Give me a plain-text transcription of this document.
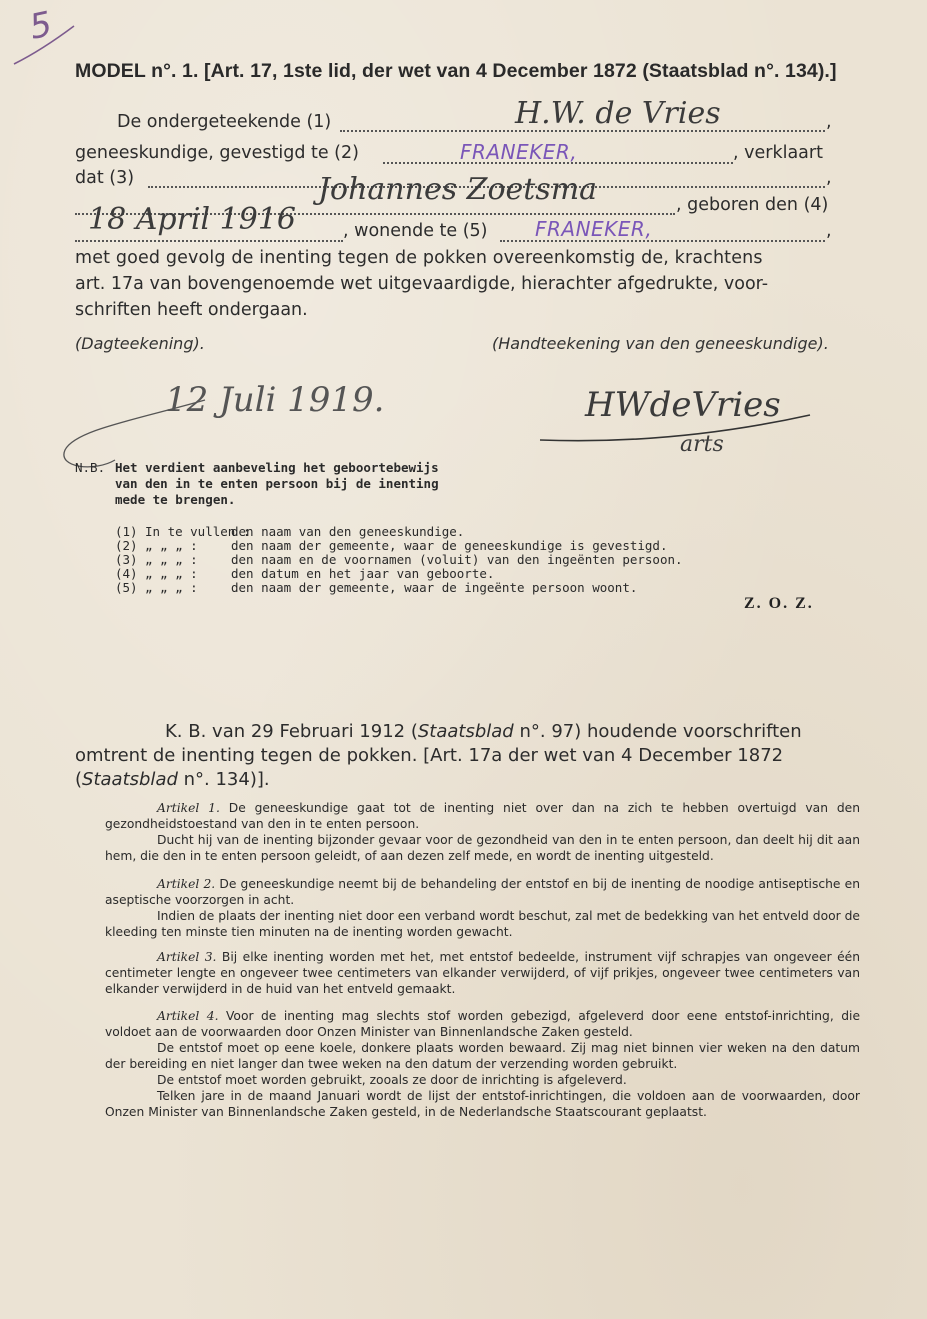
5
MODEL n°. 1. [Art. 17, 1ste lid, der wet van 4 December 1872 (Staatsblad n°. 134).]
De ondergeteekende (1)	,
H.W. de Vries
geneeskundige, gevestigd te (2)	, verklaart
FRANEKER,
dat (3)	,
Johannes Zoetsma	, geboren den (4)
18 April 1916	, wonende te (5)	,
FRANEKER,
met goed gevolg de inenting tegen de pokken overeenkomstig de, krachtens
art. 17a van bovengenoemde wet uitgevaardigde, hierachter afgedrukte, voor-
schriften heeft ondergaan.
(Dagteekening).	(Handteekening van den geneeskundige).
12 Juli 1919.	HWdeVries
arts
N.B. Het verdient aanbeveling het geboortebewijs
van den in te enten persoon bij de inenting
mede te brengen.
(1) In te vullen :den naam van den geneeskundige.
(2) „ „ „ :	den naam der gemeente, waar de geneeskundige is gevestigd.
(3) „ „ „ :	den naam en de voornamen (voluit) van den ingeënten persoon.
(4) „ „ „ :	den datum en het jaar van geboorte.
(5) „ „ „ :	den naam der gemeente, waar de ingeënte persoon woont.
Z. O. Z.
K. B. van 29 Februari 1912 (Staatsblad n°. 97) houdende voorschriften
omtrent de inenting tegen de pokken. [Art. 17a der wet van 4 December 1872
(Staatsblad n°. 134)].

Artikel 1. De geneeskundige gaat tot de inenting niet over dan na zich te hebben overtuigd van den gezondheidstoestand van den in te enten persoon.

Ducht hij van de inenting bijzonder gevaar voor de gezondheid van den in te enten persoon, dan deelt hij dit aan hem, die den in te enten persoon geleidt, of aan dezen zelf mede, en wordt de inenting uitgesteld.

Artikel 2. De geneeskundige neemt bij de behandeling der entstof en bij de inenting de noodige antiseptische en aseptische voorzorgen in acht.

Indien de plaats der inenting niet door een verband wordt beschut, zal met de bedekking van het entveld door de kleeding ten minste tien minuten na de inenting worden gewacht.

Artikel 3. Bij elke inenting worden met het, met entstof bedeelde, instrument vijf schrapjes van ongeveer één centimeter lengte en ongeveer twee centimeters van elkander verwijderd, of vijf prikjes, ongeveer twee centimeters van elkander verwijderd in de huid van het entveld gemaakt.

Artikel 4. Voor de inenting mag slechts stof worden gebezigd, afgeleverd door eene entstof-inrichting, die voldoet aan de voorwaarden door Onzen Minister van Binnenlandsche Zaken gesteld.

De entstof moet op eene koele, donkere plaats worden bewaard. Zij mag niet binnen vier weken na den datum der bereiding en niet langer dan twee weken na den datum der verzending worden gebruikt.

De entstof moet worden gebruikt, zooals ze door de inrichting is afgeleverd.

Telken jare in de maand Januari wordt de lijst der entstof-inrichtingen, die voldoen aan de voorwaarden, door Onzen Minister van Binnenlandsche Zaken gesteld, in de Nederlandsche Staatscourant geplaatst.
